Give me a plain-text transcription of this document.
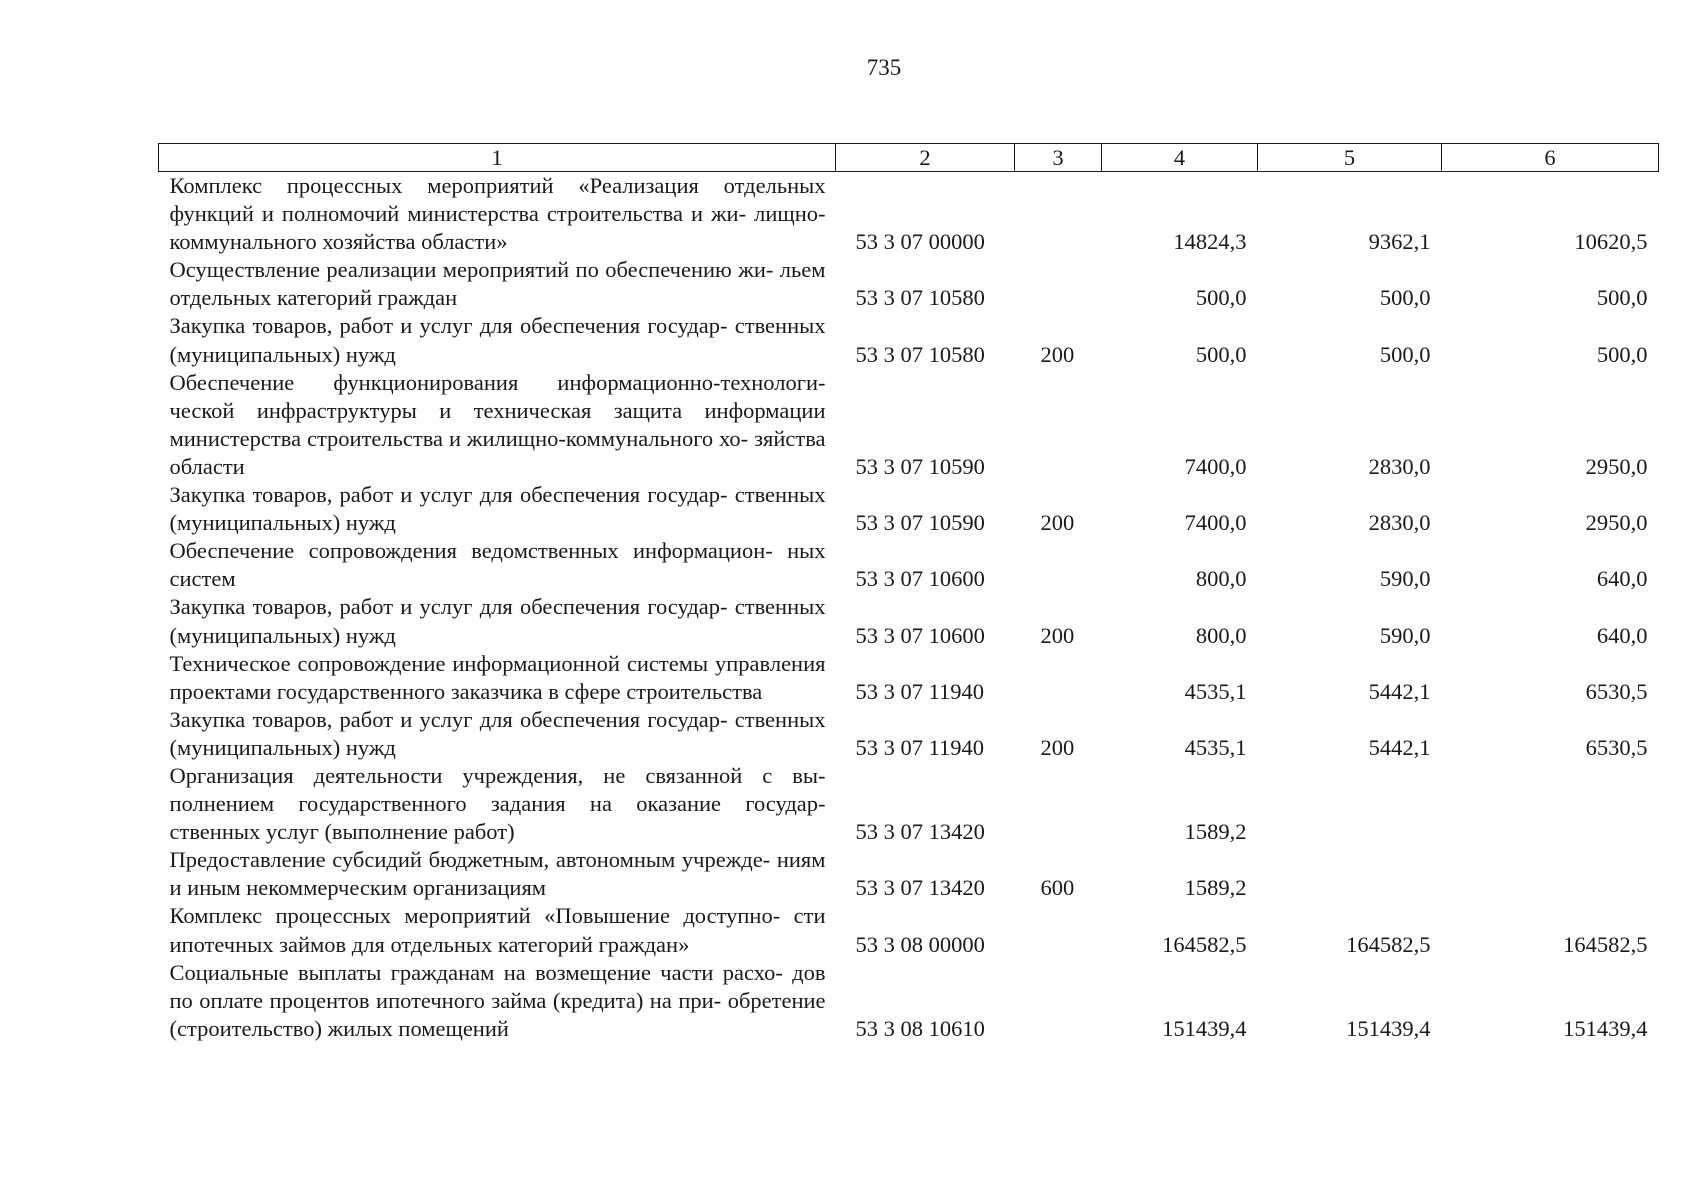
735
1	2	3	4	5	6
Комплекс процессных мероприятий «Реализация отдельных функций и полномочий министерства строительства и жи- лищно-коммунального хозяйства области»	53 3 07 00000		14824,3	9362,1	10620,5
Осуществление реализации мероприятий по обеспечению жи- льем отдельных категорий граждан	53 3 07 10580		500,0	500,0	500,0
Закупка товаров, работ и услуг для обеспечения государ- ственных (муниципальных) нужд	53 3 07 10580	200	500,0	500,0	500,0
Обеспечение функционирования информационно-технологи- ческой инфраструктуры и техническая защита информации министерства строительства и жилищно-коммунального хо- зяйства области	53 3 07 10590		7400,0	2830,0	2950,0
Закупка товаров, работ и услуг для обеспечения государ- ственных (муниципальных) нужд	53 3 07 10590	200	7400,0	2830,0	2950,0
Обеспечение сопровождения ведомственных информацион- ных систем	53 3 07 10600		800,0	590,0	640,0
Закупка товаров, работ и услуг для обеспечения государ- ственных (муниципальных) нужд	53 3 07 10600	200	800,0	590,0	640,0
Техническое сопровождение информационной системы управления проектами государственного заказчика в сфере строительства	53 3 07 11940		4535,1	5442,1	6530,5
Закупка товаров, работ и услуг для обеспечения государ- ственных (муниципальных) нужд	53 3 07 11940	200	4535,1	5442,1	6530,5
Организация деятельности учреждения, не связанной с вы- полнением государственного задания на оказание государ- ственных услуг (выполнение работ)	53 3 07 13420		1589,2		
Предоставление субсидий бюджетным, автономным учрежде- ниям и иным некоммерческим организациям	53 3 07 13420	600	1589,2		
Комплекс процессных мероприятий «Повышение доступно- сти ипотечных займов для отдельных категорий граждан»	53 3 08 00000		164582,5	164582,5	164582,5
Социальные выплаты гражданам на возмещение части расхо- дов по оплате процентов ипотечного займа (кредита) на при- обретение (строительство) жилых помещений	53 3 08 10610		151439,4	151439,4	151439,4
